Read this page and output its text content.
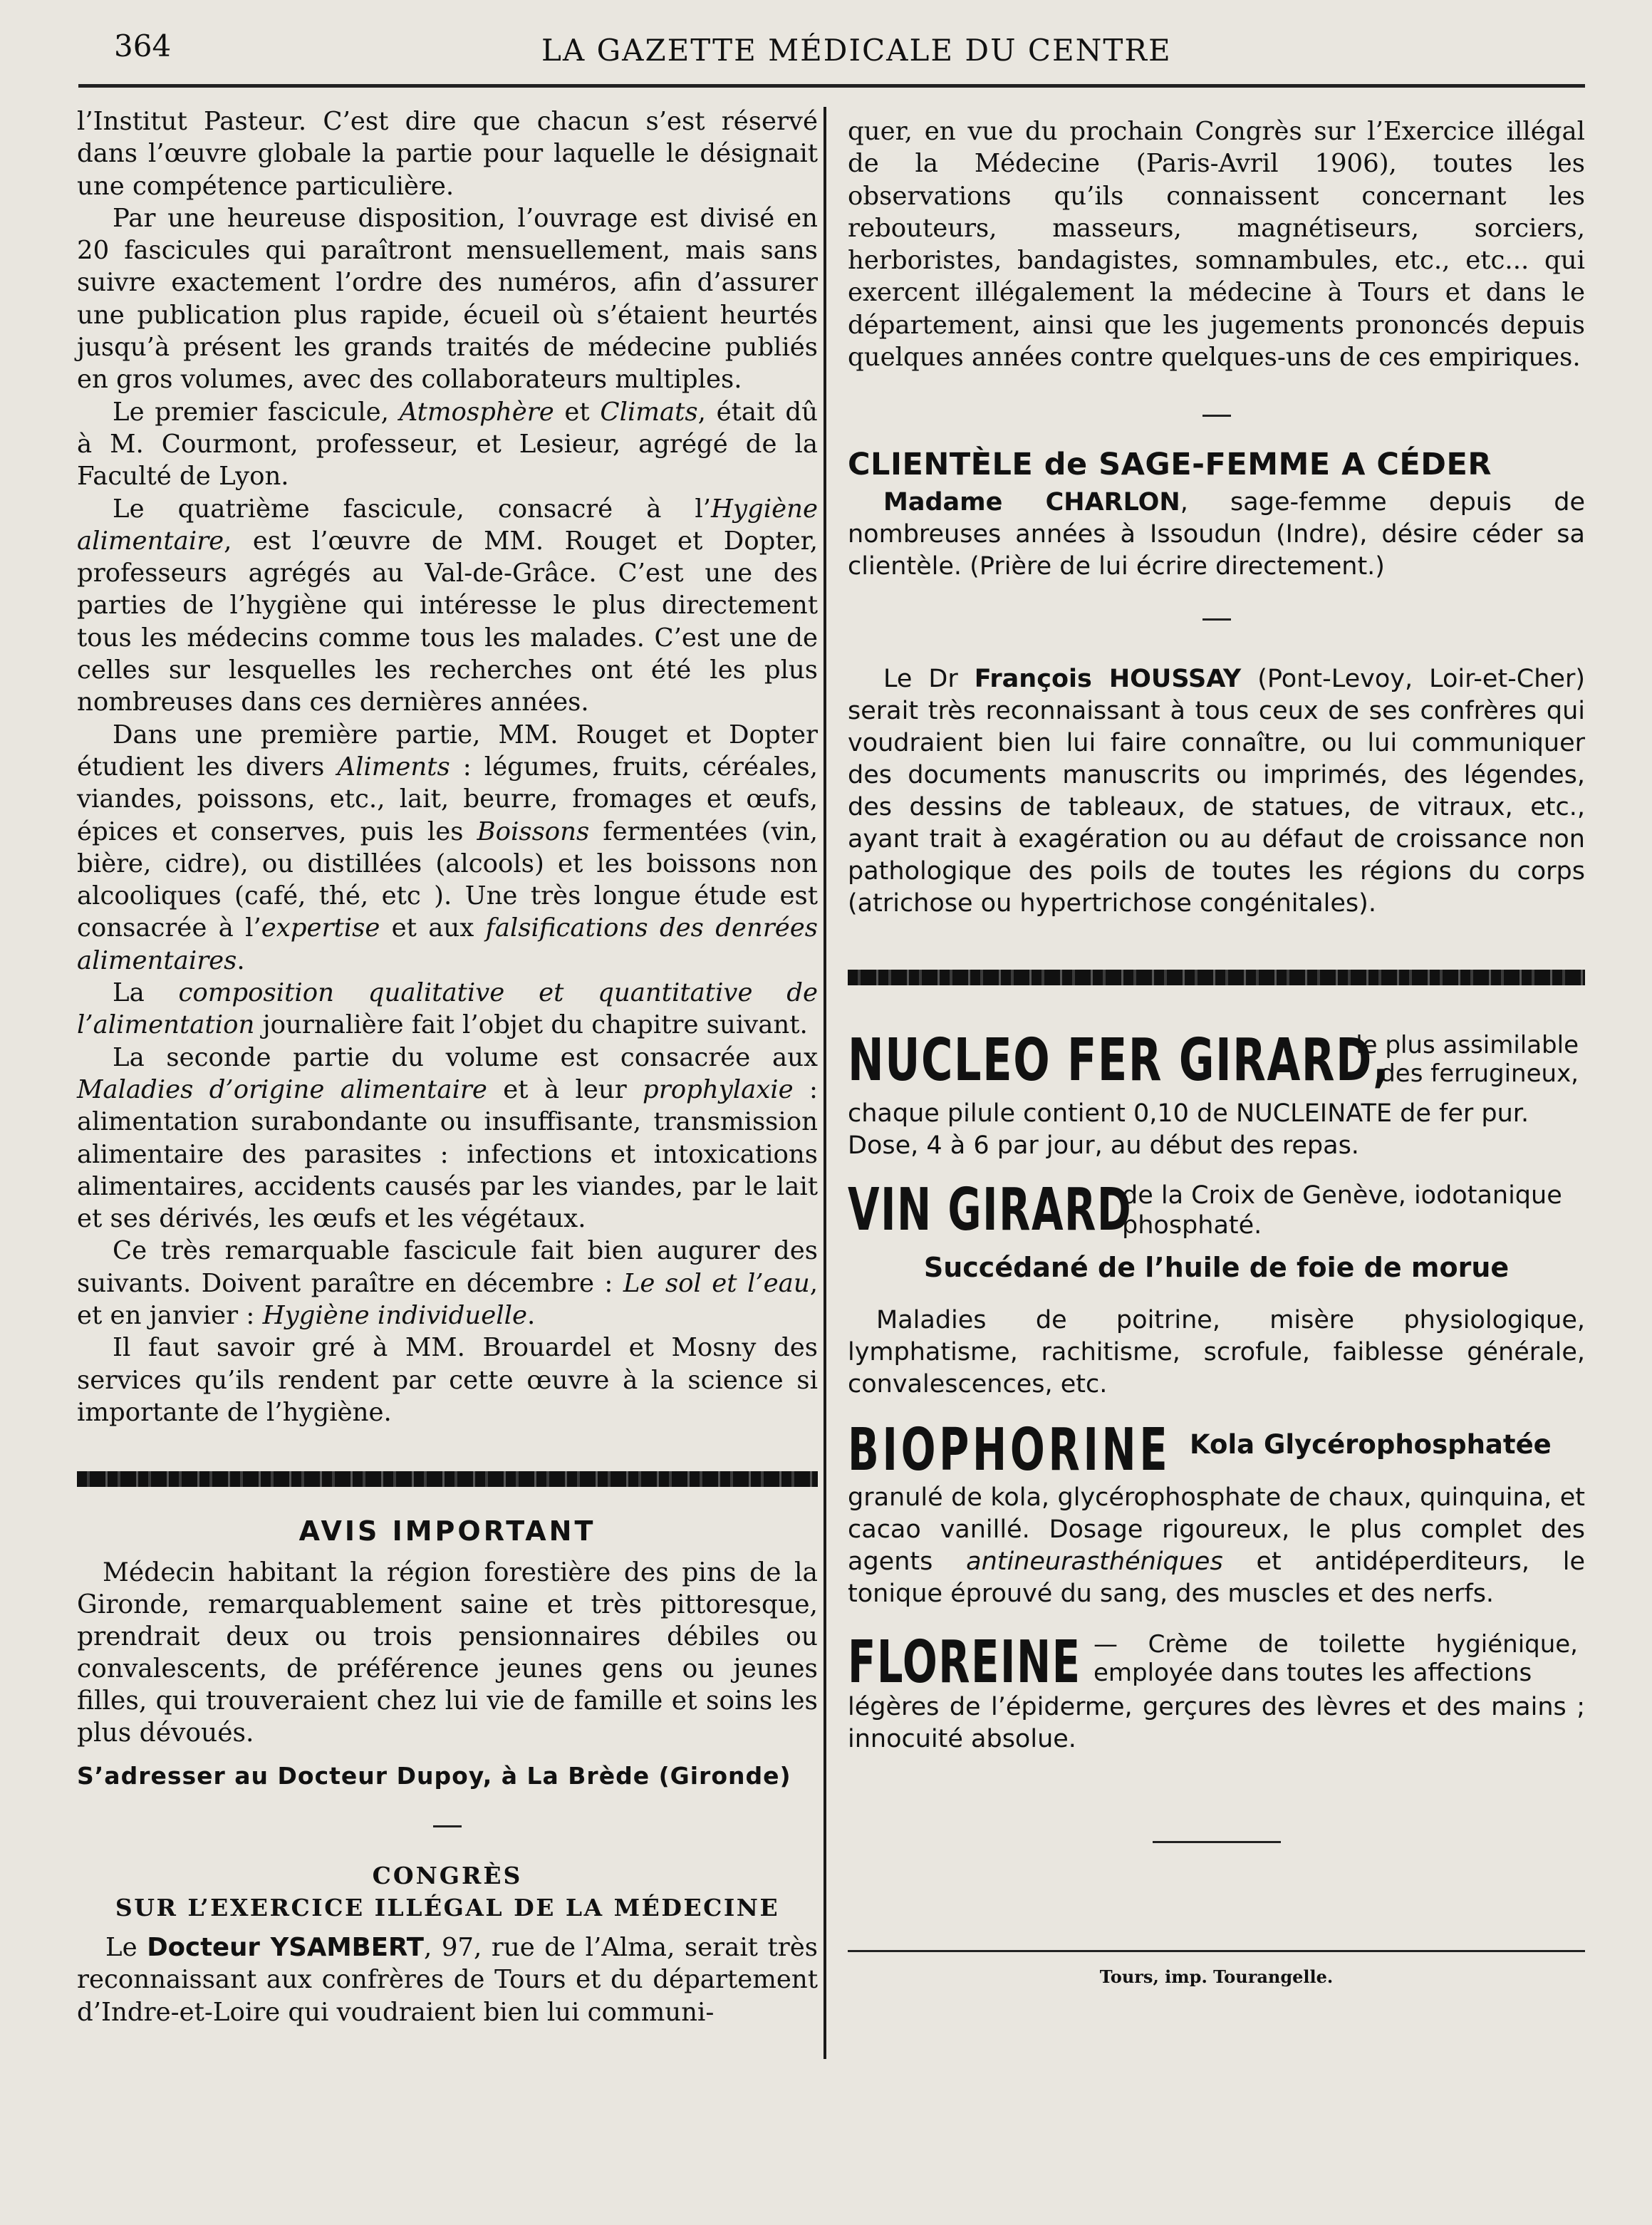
364	LA GAZETTE MÉDICALE DU CENTRE

l’Institut Pasteur. C’est dire que chacun s’est réservé dans l’œuvre globale la partie pour laquelle le désignait une compétence particulière.

Par une heureuse disposition, l’ouvrage est divisé en 20 fascicules qui paraîtront mensuellement, mais sans suivre exactement l’ordre des numéros, afin d’assurer une publication plus rapide, écueil où s’étaient heurtés jusqu’à présent les grands traités de médecine publiés en gros volumes, avec des collaborateurs multiples.

Le premier fascicule, Atmosphère et Climats, était dû à M. Courmont, professeur, et Lesieur, agrégé de la Faculté de Lyon.

Le quatrième fascicule, consacré à l’Hygiène alimentaire, est l’œuvre de MM. Rouget et Dopter, professeurs agrégés au Val-de-Grâce. C’est une des parties de l’hygiène qui intéresse le plus directement tous les médecins comme tous les malades. C’est une de celles sur lesquelles les recherches ont été les plus nombreuses dans ces dernières années.

Dans une première partie, MM. Rouget et Dopter étudient les divers Aliments : légumes, fruits, céréales, viandes, poissons, etc., lait, beurre, fromages et œufs, épices et conserves, puis les Boissons fermentées (vin, bière, cidre), ou distillées (alcools) et les boissons non alcooliques (café, thé, etc ). Une très longue étude est consacrée à l’expertise et aux falsifications des denrées alimentaires.

La composition qualitative et quantitative de l’alimentation journalière fait l’objet du chapitre suivant.

La seconde partie du volume est consacrée aux Maladies d’origine alimentaire et à leur prophylaxie : alimentation surabondante ou insuffisante, transmission alimentaire des parasites : infections et intoxications alimentaires, accidents causés par les viandes, par le lait et ses dérivés, les œufs et les végétaux.

Ce très remarquable fascicule fait bien augurer des suivants. Doivent paraître en décembre : Le sol et l’eau, et en janvier : Hygiène individuelle.

Il faut savoir gré à MM. Brouardel et Mosny des services qu’ils rendent par cette œuvre à la science si importante de l’hygiène.

AVIS IMPORTANT

Médecin habitant la région forestière des pins de la Gironde, remarquablement saine et très pittoresque, prendrait deux ou trois pensionnaires débiles ou convalescents, de préférence jeunes gens ou jeunes filles, qui trouveraient chez lui vie de famille et soins les plus dévoués.

S’adresser au Docteur Dupoy, à La Brède (Gironde)

CONGRÈS

SUR L’EXERCICE ILLÉGAL DE LA MÉDECINE

Le Docteur YSAMBERT, 97, rue de l’Alma, serait très reconnaissant aux confrères de Tours et du département d’Indre-et-Loire qui voudraient bien lui communi-

quer, en vue du prochain Congrès sur l’Exercice illégal de la Médecine (Paris-Avril 1906), toutes les observations qu’ils connaissent concernant les rebouteurs, masseurs, magnétiseurs, sorciers, herboristes, bandagistes, somnambules, etc., etc... qui exercent illégalement la médecine à Tours et dans le département, ainsi que les jugements prononcés depuis quelques années contre quelques-uns de ces empiriques.

CLIENTÈLE de SAGE-FEMME A CÉDER

Madame CHARLON, sage-femme depuis de nombreuses années à Issoudun (Indre), désire céder sa clientèle. (Prière de lui écrire directement.)

Le Dr François HOUSSAY (Pont-Levoy, Loir-et-Cher) serait très reconnaissant à tous ceux de ses confrères qui voudraient bien lui faire connaître, ou lui communiquer des documents manuscrits ou imprimés, des légendes, des dessins de tableaux, de statues, de vitraux, etc., ayant trait à exagération ou au défaut de croissance non pathologique des poils de toutes les régions du corps (atrichose ou hypertrichose congénitales).

NUCLEO FER GIRARD,
le plus assimilable des ferrugineux,

chaque pilule contient 0,10 de NUCLEINATE de fer pur.

Dose, 4 à 6 par jour, au début des repas.

VIN GIRARD
de la Croix de Genève, iodotanique phosphaté.

Succédané de l’huile de foie de morue

Maladies de poitrine, misère physiologique, lymphatisme, rachitisme, scrofule, faiblesse générale, convalescences, etc.

BIOPHORINE Kola Glycérophosphatée

granulé de kola, glycérophosphate de chaux, quinquina, et cacao vanillé. Dosage rigoureux, le plus complet des agents antineurasthéniques et antidéperditeurs, le tonique éprouvé du sang, des muscles et des nerfs.

FLOREINE — Crème de toilette hygiénique, employée dans toutes les affections

légères de l’épiderme, gerçures des lèvres et des mains ; innocuité absolue.

Tours, imp. Tourangelle.
